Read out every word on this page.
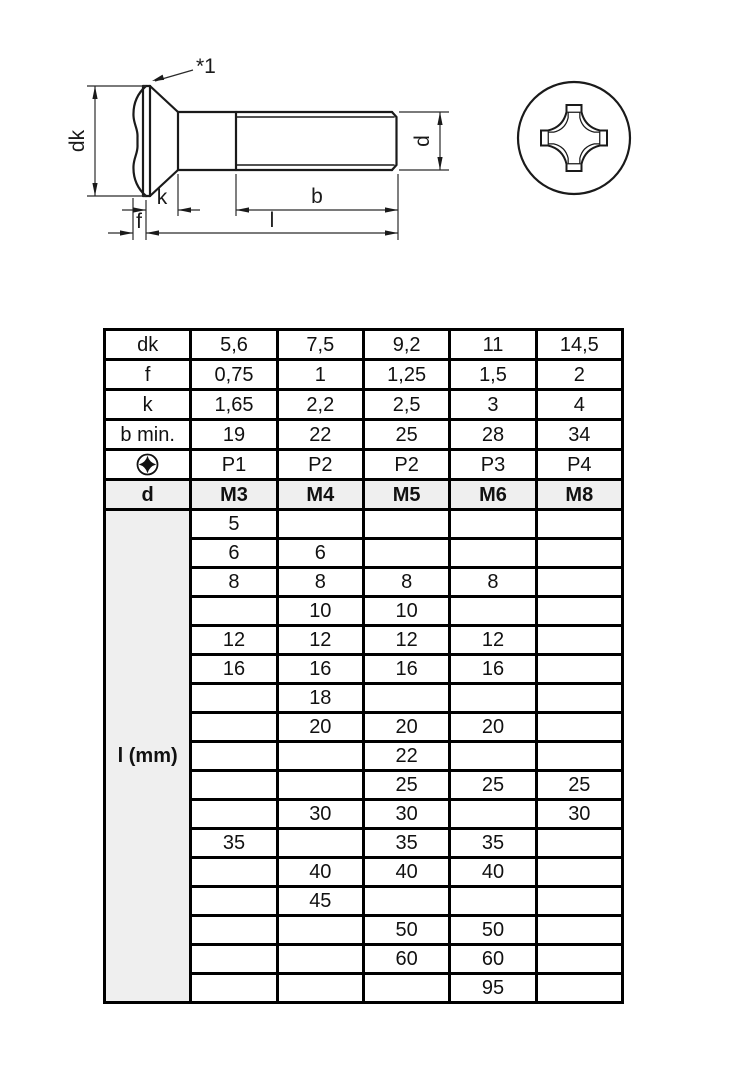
*1
dk	d
k	b
f	l
dk	5,6	7,5	9,2	11	14,5
f	0,75	1	1,25	1,5	2
k	1,65	2,2	2,5	3	4
b min.	19	22	25	28	34

	P1	P2	P2	P3	P4
d	M3	M4	M5	M6	M8
l (mm)	5				
	6	6			
	8	8	8	8	
		10	10		
	12	12	12	12	
	16	16	16	16	
		18			
		20	20	20	
			22		
			25	25	25
		30	30		30
	35		35	35	
		40	40	40	
		45			
			50	50	
			60	60	
				95	
